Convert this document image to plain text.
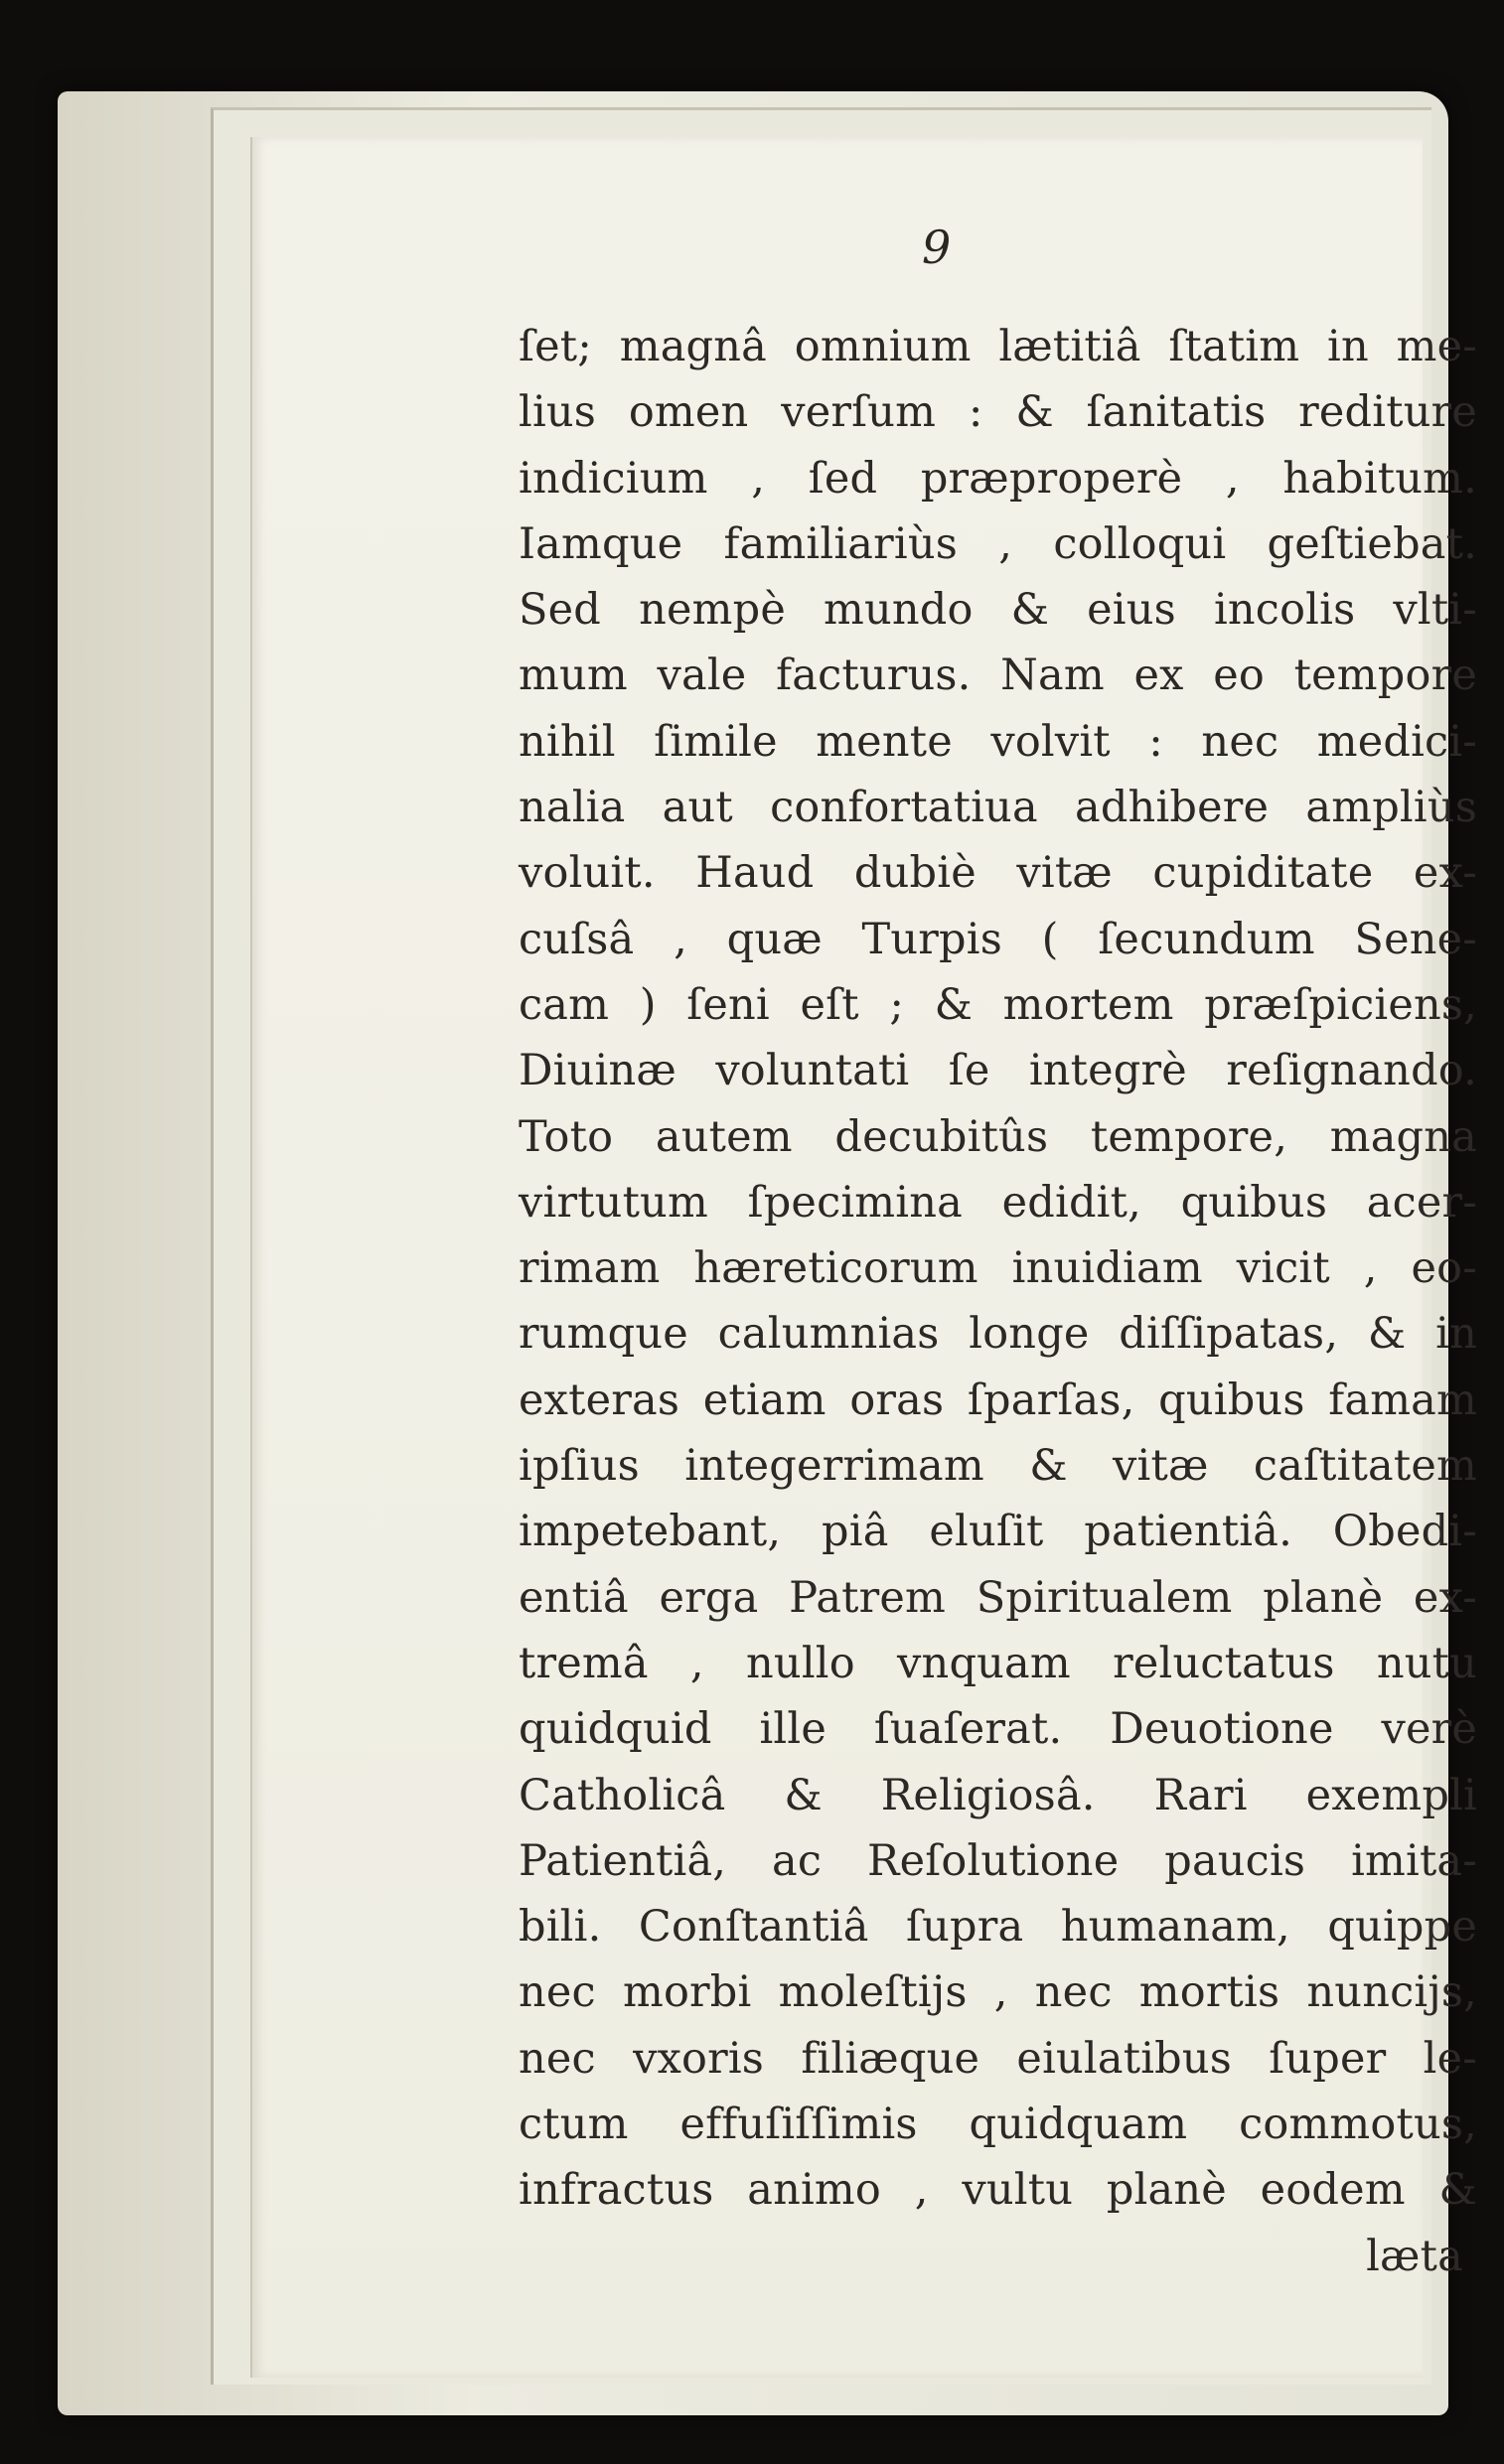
9
ſet; magnâ omnium lætitiâ ſtatim in me-
lius omen verſum : & ſanitatis rediture
indicium , ſed præproperè , habitum.
Iamque familiariùs , colloqui geſtiebat.
Sed nempè mundo & eius incolis vlti-
mum vale facturus. Nam ex eo tempore
nihil ſimile mente volvit : nec medici-
nalia aut confortatiua adhibere ampliùs
voluit. Haud dubiè vitæ cupiditate ex-
cuſsâ , quæ Turpis ( ſecundum Sene-
cam ) ſeni eſt ; & mortem præſpiciens,
Diuinæ voluntati ſe integrè reſignando.
Toto autem decubitûs tempore, magna
virtutum ſpecimina edidit, quibus acer-
rimam hæreticorum inuidiam vicit , eo-
rumque calumnias longe diſſipatas, & in
exteras etiam oras ſparſas, quibus famam
ipſius integerrimam & vitæ caſtitatem
impetebant, piâ eluſit patientiâ. Obedi-
entiâ erga Patrem Spiritualem planè ex-
tremâ , nullo vnquam reluctatus nutu
quidquid ille ſuaſerat. Deuotione verè
Catholicâ & Religiosâ. Rari exempli
Patientiâ, ac Reſolutione paucis imita-
bili. Conſtantiâ ſupra humanam, quippe
nec morbi moleſtijs , nec mortis nuncijs,
nec vxoris filiæque eiulatibus ſuper le-
ctum effuſiſſimis quidquam commotus,
infractus animo , vultu planè eodem &
læta
